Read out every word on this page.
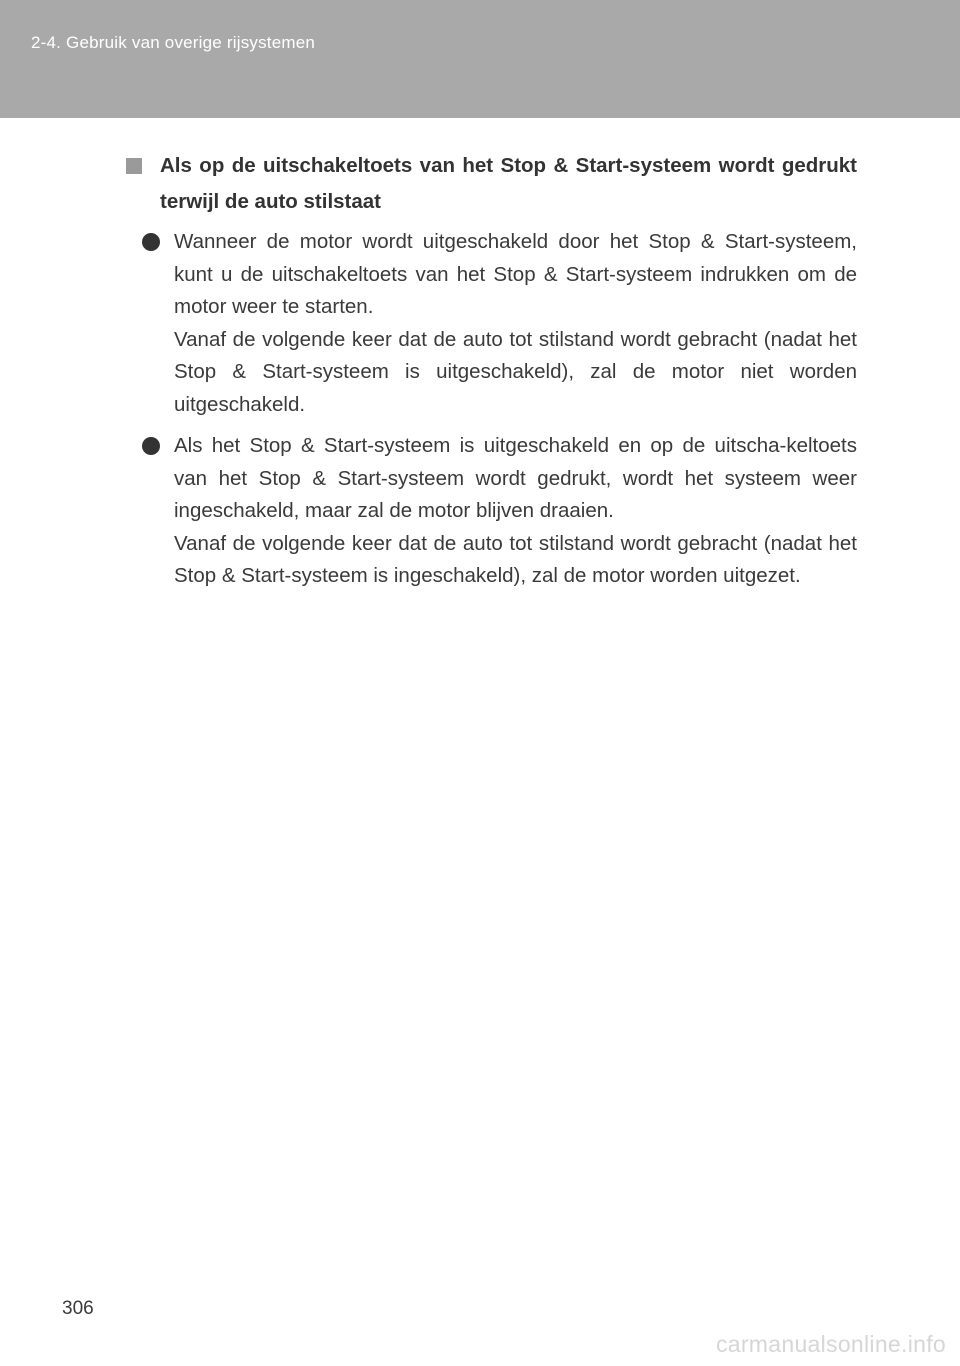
2-4. Gebruik van overige rijsystemen
Als op de uitschakeltoets van het Stop & Start-systeem wordt gedrukt terwijl de auto stilstaat

Wanneer de motor wordt uitgeschakeld door het Stop & Start-systeem, kunt u de uitschakeltoets van het Stop & Start-systeem indrukken om de motor weer te starten.

Vanaf de volgende keer dat de auto tot stilstand wordt gebracht (nadat het Stop & Start-systeem is uitgeschakeld), zal de motor niet worden uitgeschakeld.

Als het Stop & Start-systeem is uitgeschakeld en op de uitscha-keltoets van het Stop & Start-systeem wordt gedrukt, wordt het systeem weer ingeschakeld, maar zal de motor blijven draaien.

Vanaf de volgende keer dat de auto tot stilstand wordt gebracht (nadat het Stop & Start-systeem is ingeschakeld), zal de motor worden uitgezet.

306
carmanualsonline.info
